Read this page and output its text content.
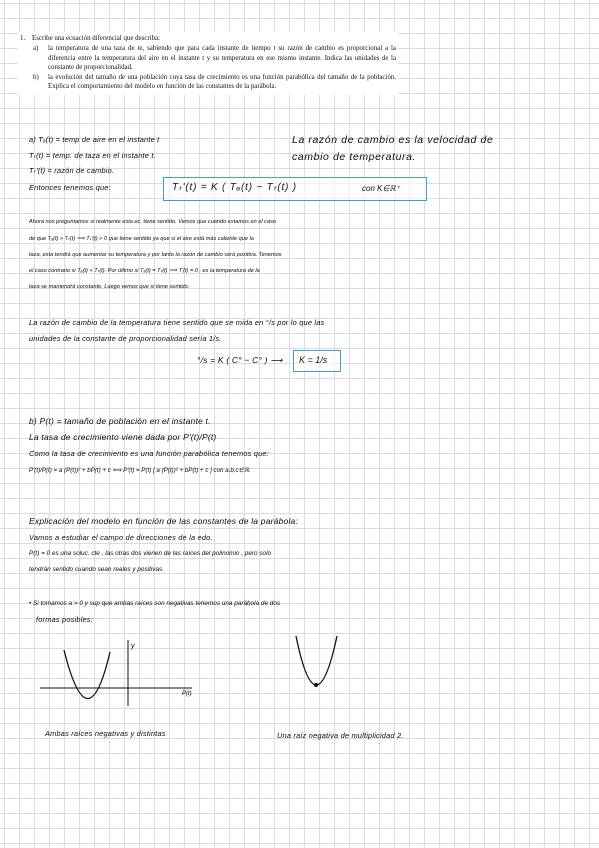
1. Escribe una ecuación diferencial que describa:
a) la temperatura de una taza de te, sabiendo que para cada instante de tiempo t su razón de cambio es proporcional a la diferencia entre la temperatura del aire en el instante t y su temperatura en ese mismo instante. Indica las unidades de la constante de proporcionalidad.
b) la evolución del tamaño de una población cuya tasa de crecimiento es una función parabólica del tamaño de la población. Explica el comportamiento del modelo en función de las constantes de la parábola.
a) Tₐ(t) = temp de aire en el instante t
Tₜ(t) = temp. de taza en el instante t.
Tₜ'(t) = razón de cambio.
Entonces tenemos que:
La razón de cambio es la velocidad de
cambio de temperatura.
Tₜ'(t) = K ( Tₐ(t) − Tₜ(t) )	con K∈ℝ⁺
Ahora nos preguntamos si realmente esta ec. tiene sentido. Vemos que cuando estamos en el caso
de que Tₐ(t) > Tₜ(t) ⟹ Tₜ'(t) > 0 que tiene sentido ya que si el aire está más caliente que la
taza, esta tendrá que aumentar su temperatura y por tanto la razón de cambio será positiva. Tenemos
el caso contrario si Tₐ(t) < Tₜ(t). Por último si Tₐ(t) = Tₜ(t) ⟹ T'(t) = 0 , es la temperatura de la
taza se mantendrá constante. Luego vemos que si tiene sentido.
La razón de cambio de la temperatura tiene sentido que se mida en °/s por lo que las
unidades de la constante de proporcionalidad sería 1/s.
°/s = K ( C° − C° ) ⟶ K = 1/s
b) P(t) = tamaño de población en el instante t.
La tasa de crecimiento viene dada por P'(t)/P(t)
Como la tasa de crecimiento es una función parabólica tenemos que:
P'(t)/P(t) = a (P(t))² + bP(t) + c ⟺ P'(t) = P(t) [ a (P(t))² + bP(t) + c ] con a,b,c∈ℝ.
Explicación del modelo en función de las constantes de la parábola:
Vamos a estudiar el campo de direcciones de la edo.
P(t) = 0 es una soluc. cte , las otras dos vienen de las raíces del polinomio , pero solo
tendrán sentido cuando sean reales y positivas.
• Si tomamos a > 0 y sup que ambas raíces son negativas tenemos una parábola de dos
formas posibles:
y
P(t)
Ambas raíces negativas y distintas	Una raíz negativa de multiplicidad 2.
